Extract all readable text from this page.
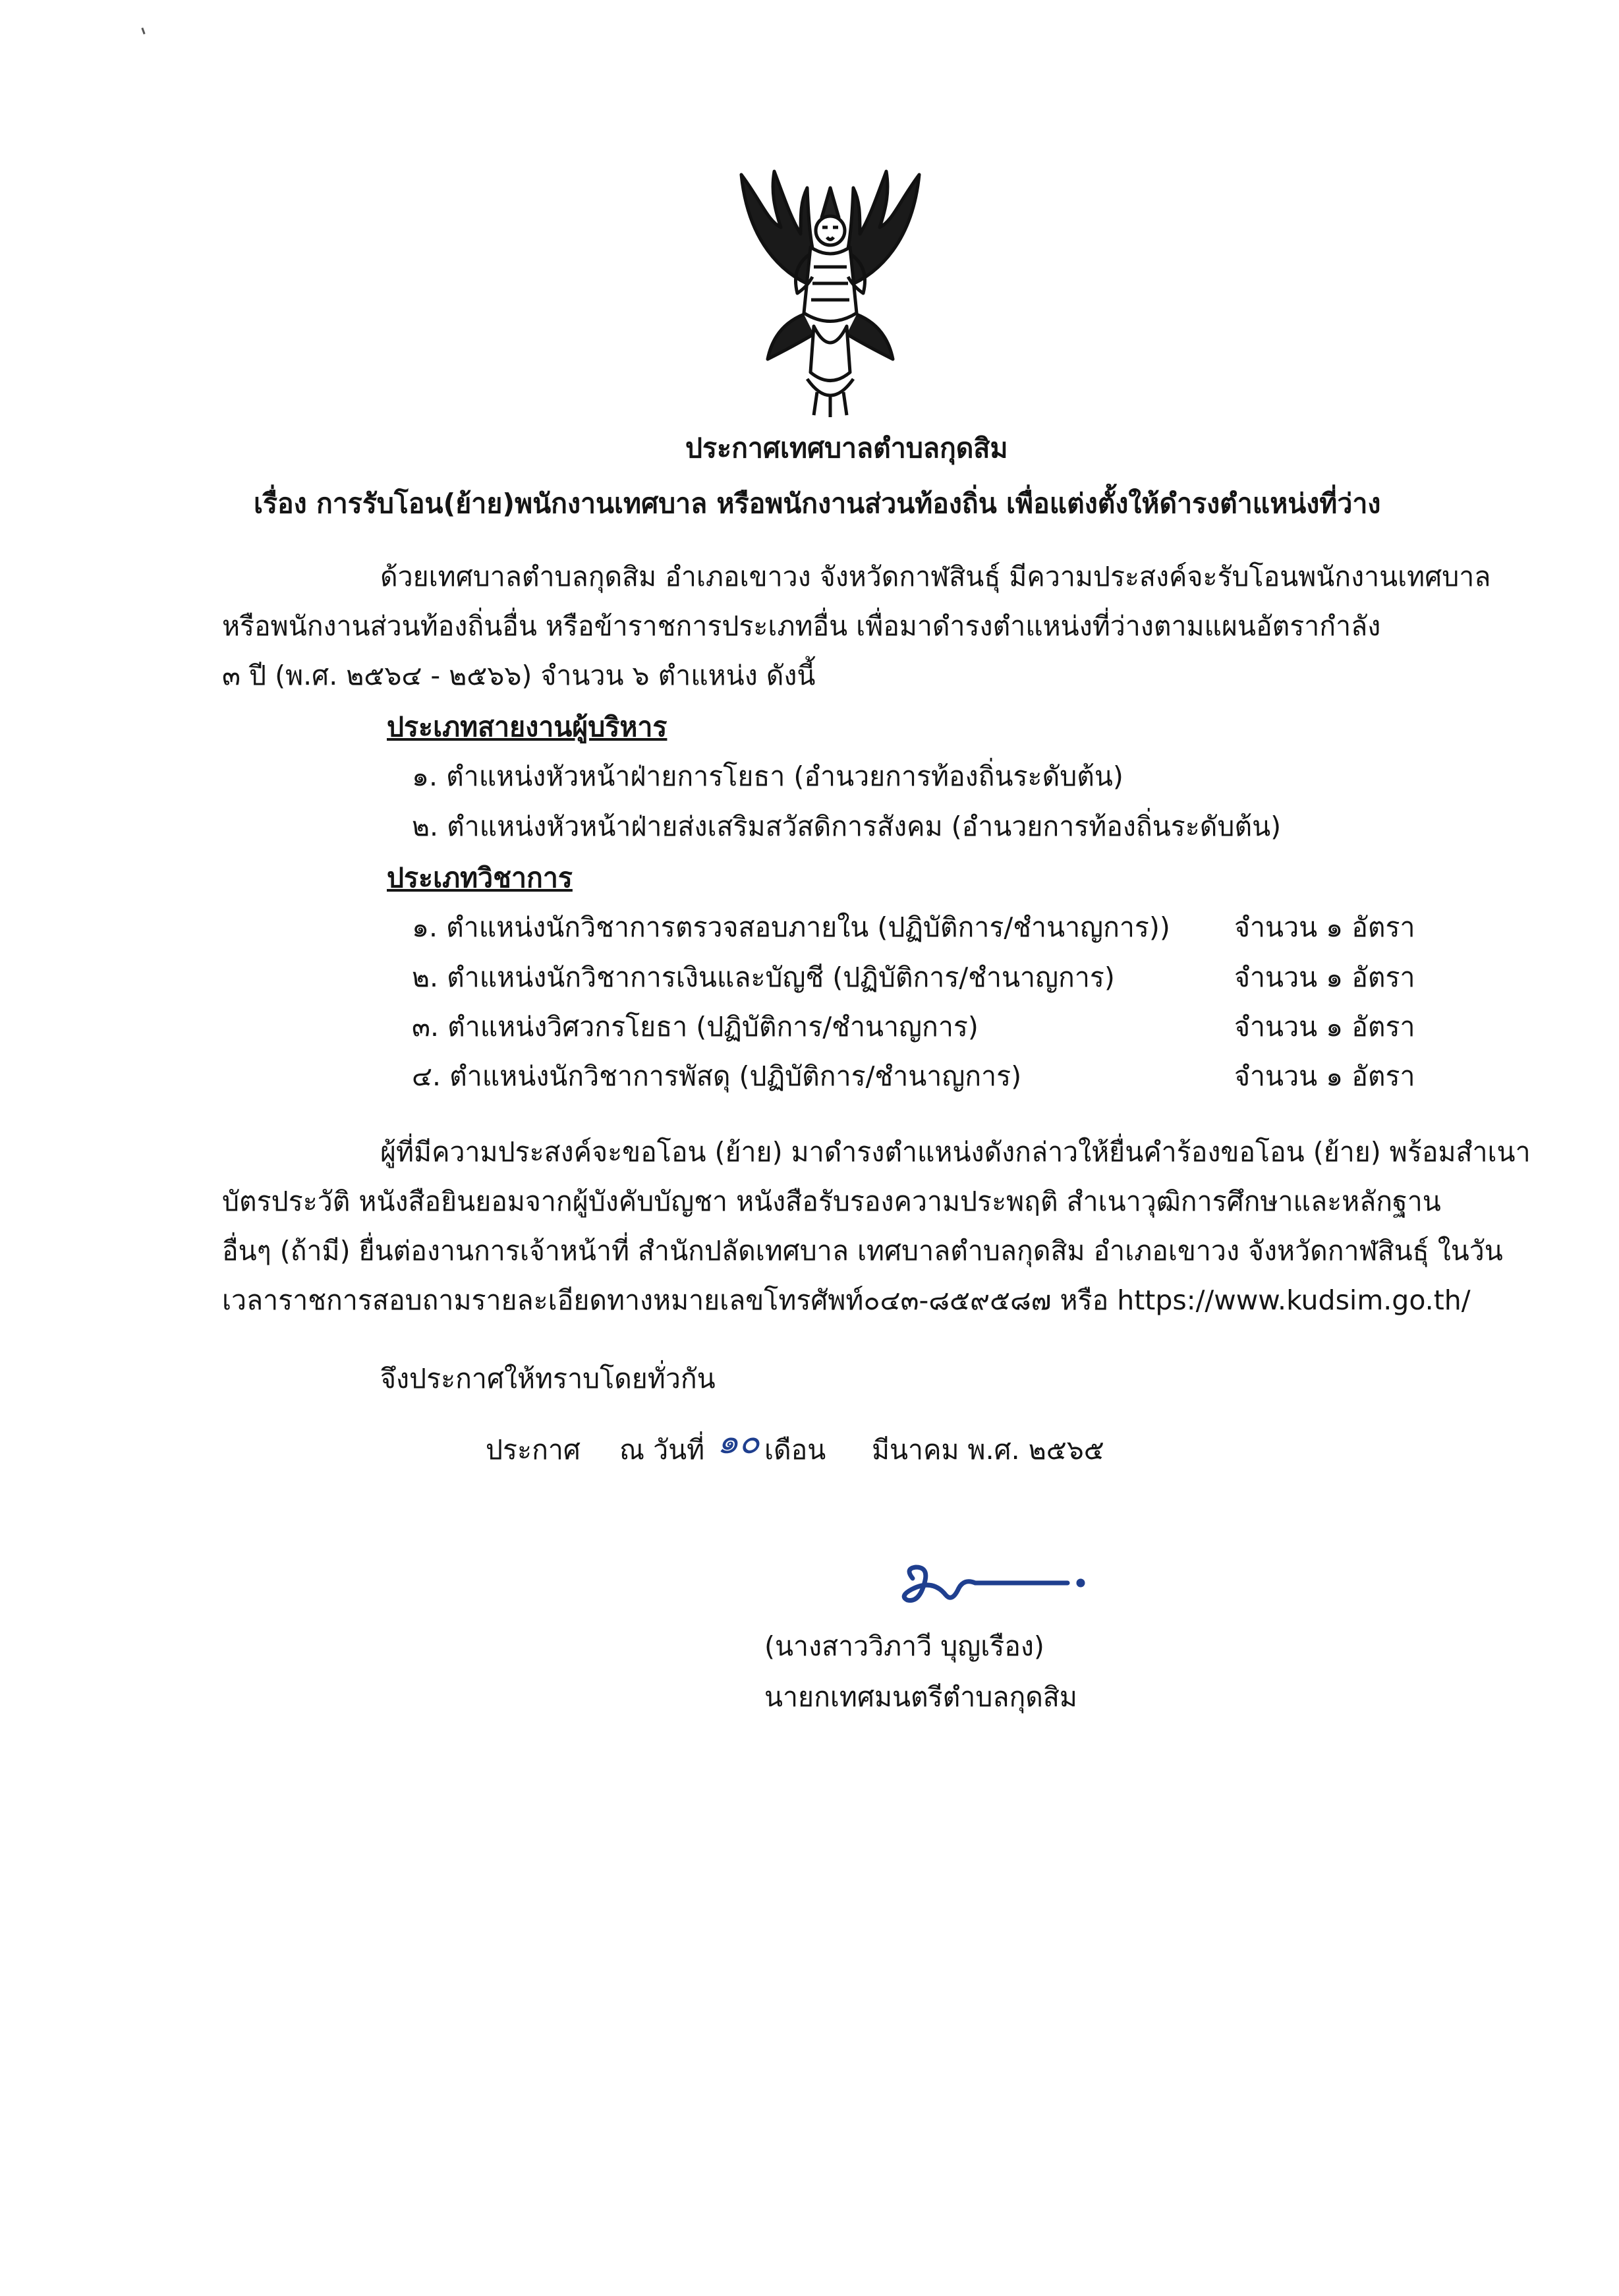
ประกาศเทศบาลตำบลกุดสิม
เรื่อง การรับโอน(ย้าย)พนักงานเทศบาล หรือพนักงานส่วนท้องถิ่น เพื่อแต่งตั้งให้ดำรงตำแหน่งที่ว่าง
ด้วยเทศบาลตำบลกุดสิม อำเภอเขาวง จังหวัดกาฬสินธุ์ มีความประสงค์จะรับโอนพนักงานเทศบาล
หรือพนักงานส่วนท้องถิ่นอื่น หรือข้าราชการประเภทอื่น เพื่อมาดำรงตำแหน่งที่ว่างตามแผนอัตรากำลัง
๓ ปี (พ.ศ. ๒๕๖๔ - ๒๕๖๖) จำนวน ๖ ตำแหน่ง ดังนี้
ประเภทสายงานผู้บริหาร
๑. ตำแหน่งหัวหน้าฝ่ายการโยธา (อำนวยการท้องถิ่นระดับต้น)
๒. ตำแหน่งหัวหน้าฝ่ายส่งเสริมสวัสดิการสังคม (อำนวยการท้องถิ่นระดับต้น)
ประเภทวิชาการ
๑. ตำแหน่งนักวิชาการตรวจสอบภายใน (ปฏิบัติการ/ชำนาญการ)) จำนวน ๑ อัตรา
๒. ตำแหน่งนักวิชาการเงินและบัญชี (ปฏิบัติการ/ชำนาญการ)	จำนวน ๑ อัตรา
๓. ตำแหน่งวิศวกรโยธา (ปฏิบัติการ/ชำนาญการ)	จำนวน ๑ อัตรา
๔. ตำแหน่งนักวิชาการพัสดุ (ปฏิบัติการ/ชำนาญการ)	จำนวน ๑ อัตรา
ผู้ที่มีความประสงค์จะขอโอน (ย้าย) มาดำรงตำแหน่งดังกล่าวให้ยื่นคำร้องขอโอน (ย้าย) พร้อมสำเนา
บัตรประวัติ หนังสือยินยอมจากผู้บังคับบัญชา หนังสือรับรองความประพฤติ สำเนาวุฒิการศึกษาและหลักฐาน
อื่นๆ (ถ้ามี) ยื่นต่องานการเจ้าหน้าที่ สำนักปลัดเทศบาล เทศบาลตำบลกุดสิม อำเภอเขาวง จังหวัดกาฬสินธุ์ ในวัน
เวลาราชการสอบถามรายละเอียดทางหมายเลขโทรศัพท์๐๔๓-๘๕๙๕๘๗ หรือ https://www.kudsim.go.th/
จึงประกาศให้ทราบโดยทั่วกัน
ประกาศ ณ วันที่ ๑๐ เดือน มีนาคม พ.ศ. ๒๕๖๕
(นางสาววิภาวี บุญเรือง)
นายกเทศมนตรีตำบลกุดสิม
